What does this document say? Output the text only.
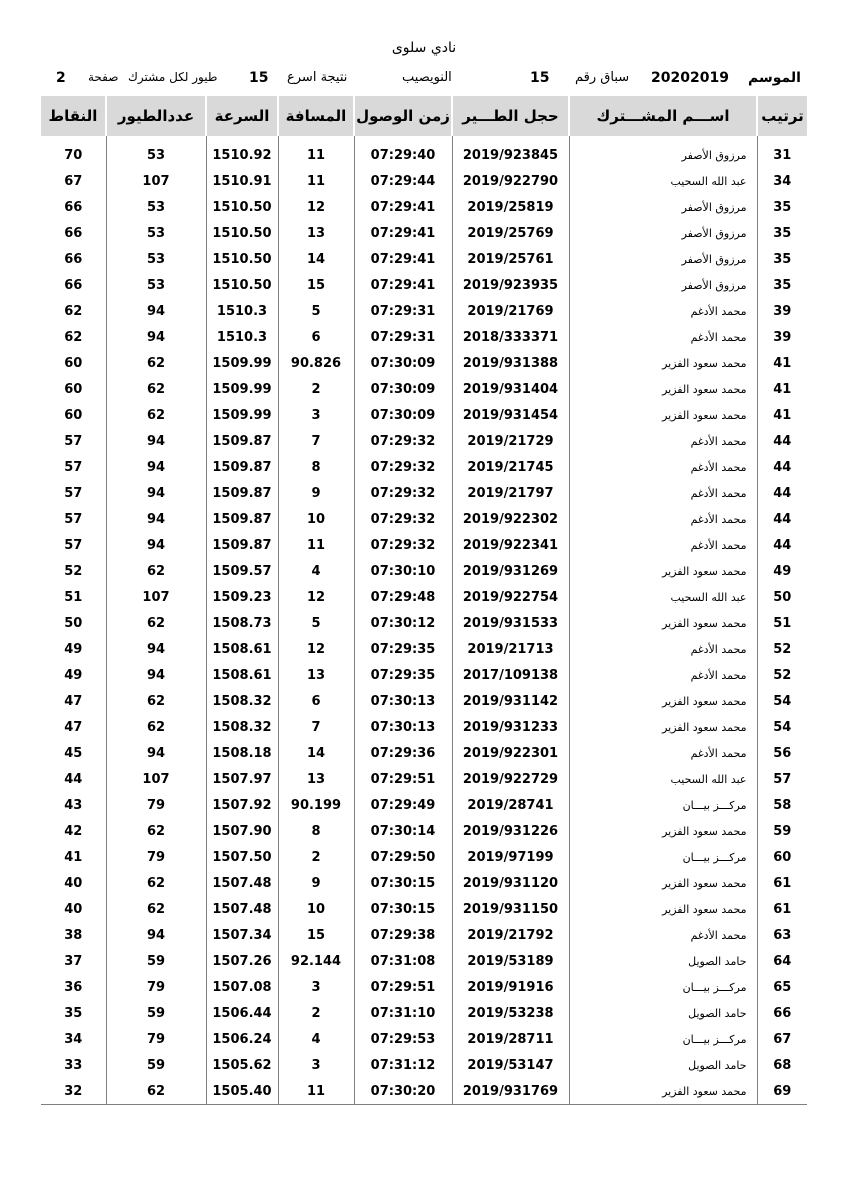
نادي سلوى
الموسم
20202019
سباق رقم
15
النويصيب
نتيجة اسرع
15
طيور لكل مشترك
صفحة
2
ترتيب	اســـم المشـــترك	حجل الطـــير	زمن الوصول	المسافة	السرعة	عددالطيور	النقاط

31	مرزوق الأصفر	2019/923845	07:29:40	11	1510.92	53	70
34	عبد الله السحيب	2019/922790	07:29:44	11	1510.91	107	67
35	مرزوق الأصفر	2019/25819	07:29:41	12	1510.50	53	66
35	مرزوق الأصفر	2019/25769	07:29:41	13	1510.50	53	66
35	مرزوق الأصفر	2019/25761	07:29:41	14	1510.50	53	66
35	مرزوق الأصفر	2019/923935	07:29:41	15	1510.50	53	66
39	محمد الأدغم	2019/21769	07:29:31	5	1510.3	94	62
39	محمد الأدغم	2018/333371	07:29:31	6	1510.3	94	62
41	محمد سعود الفزير	2019/931388	07:30:09	90.826	1509.99	62	60
41	محمد سعود الفزير	2019/931404	07:30:09	2	1509.99	62	60
41	محمد سعود الفزير	2019/931454	07:30:09	3	1509.99	62	60
44	محمد الأدغم	2019/21729	07:29:32	7	1509.87	94	57
44	محمد الأدغم	2019/21745	07:29:32	8	1509.87	94	57
44	محمد الأدغم	2019/21797	07:29:32	9	1509.87	94	57
44	محمد الأدغم	2019/922302	07:29:32	10	1509.87	94	57
44	محمد الأدغم	2019/922341	07:29:32	11	1509.87	94	57
49	محمد سعود الفزير	2019/931269	07:30:10	4	1509.57	62	52
50	عبد الله السحيب	2019/922754	07:29:48	12	1509.23	107	51
51	محمد سعود الفزير	2019/931533	07:30:12	5	1508.73	62	50
52	محمد الأدغم	2019/21713	07:29:35	12	1508.61	94	49
52	محمد الأدغم	2017/109138	07:29:35	13	1508.61	94	49
54	محمد سعود الفزير	2019/931142	07:30:13	6	1508.32	62	47
54	محمد سعود الفزير	2019/931233	07:30:13	7	1508.32	62	47
56	محمد الأدغم	2019/922301	07:29:36	14	1508.18	94	45
57	عبد الله السحيب	2019/922729	07:29:51	13	1507.97	107	44
58	مركـــز بيـــان	2019/28741	07:29:49	90.199	1507.92	79	43
59	محمد سعود الفزير	2019/931226	07:30:14	8	1507.90	62	42
60	مركـــز بيـــان	2019/97199	07:29:50	2	1507.50	79	41
61	محمد سعود الفزير	2019/931120	07:30:15	9	1507.48	62	40
61	محمد سعود الفزير	2019/931150	07:30:15	10	1507.48	62	40
63	محمد الأدغم	2019/21792	07:29:38	15	1507.34	94	38
64	حامد الصويل	2019/53189	07:31:08	92.144	1507.26	59	37
65	مركـــز بيـــان	2019/91916	07:29:51	3	1507.08	79	36
66	حامد الصويل	2019/53238	07:31:10	2	1506.44	59	35
67	مركـــز بيـــان	2019/28711	07:29:53	4	1506.24	79	34
68	حامد الصويل	2019/53147	07:31:12	3	1505.62	59	33
69	محمد سعود الفزير	2019/931769	07:30:20	11	1505.40	62	32
